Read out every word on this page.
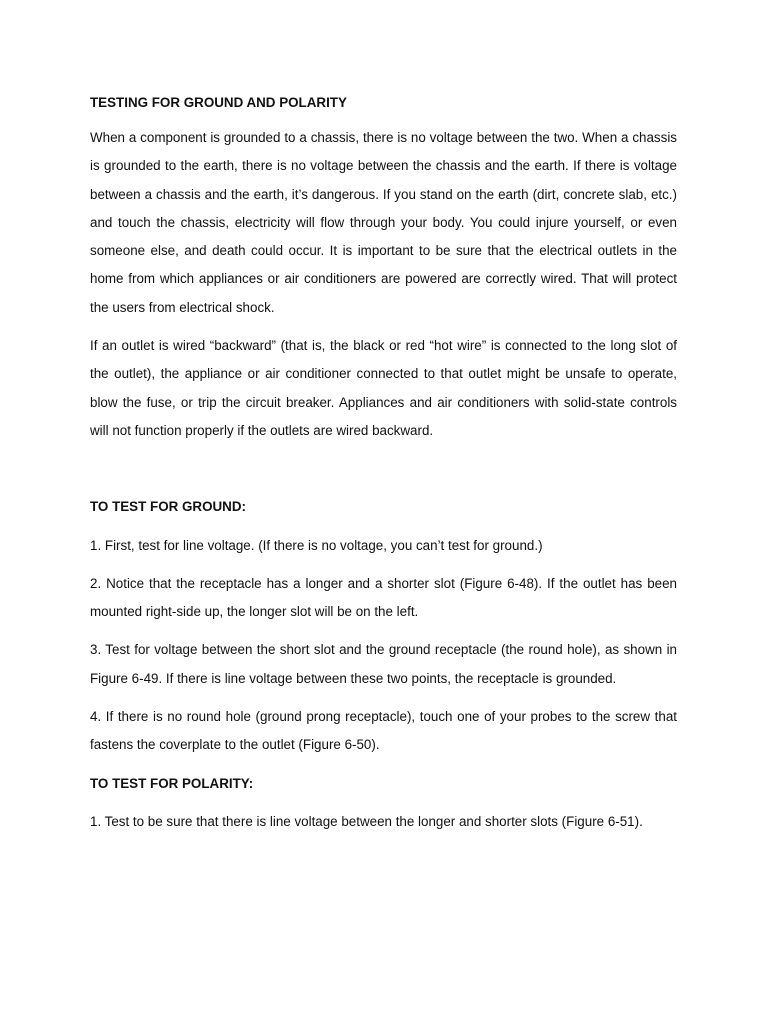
TESTING FOR GROUND AND POLARITY

When a component is grounded to a chassis, there is no voltage between the two. When a chassis is grounded to the earth, there is no voltage between the chassis and the earth. If there is voltage between a chassis and the earth, it’s dangerous. If you stand on the earth (dirt, concrete slab, etc.) and touch the chassis, electricity will flow through your body. You could injure yourself, or even someone else, and death could occur. It is important to be sure that the electrical outlets in the home from which appliances or air conditioners are powered are correctly wired. That will protect the users from electrical shock.

If an outlet is wired “backward” (that is, the black or red “hot wire” is connected to the long slot of the outlet), the appliance or air conditioner connected to that outlet might be unsafe to operate, blow the fuse, or trip the circuit breaker. Appliances and air conditioners with solid-state controls will not function properly if the outlets are wired backward.

TO TEST FOR GROUND:

1. First, test for line voltage. (If there is no voltage, you can’t test for ground.)

2. Notice that the receptacle has a longer and a shorter slot (Figure 6-48). If the outlet has been mounted right-side up, the longer slot will be on the left.

3. Test for voltage between the short slot and the ground receptacle (the round hole), as shown in Figure 6-49. If there is line voltage between these two points, the receptacle is grounded.

4. If there is no round hole (ground prong receptacle), touch one of your probes to the screw that fastens the coverplate to the outlet (Figure 6-50).

TO TEST FOR POLARITY:

1. Test to be sure that there is line voltage between the longer and shorter slots (Figure 6-51).
